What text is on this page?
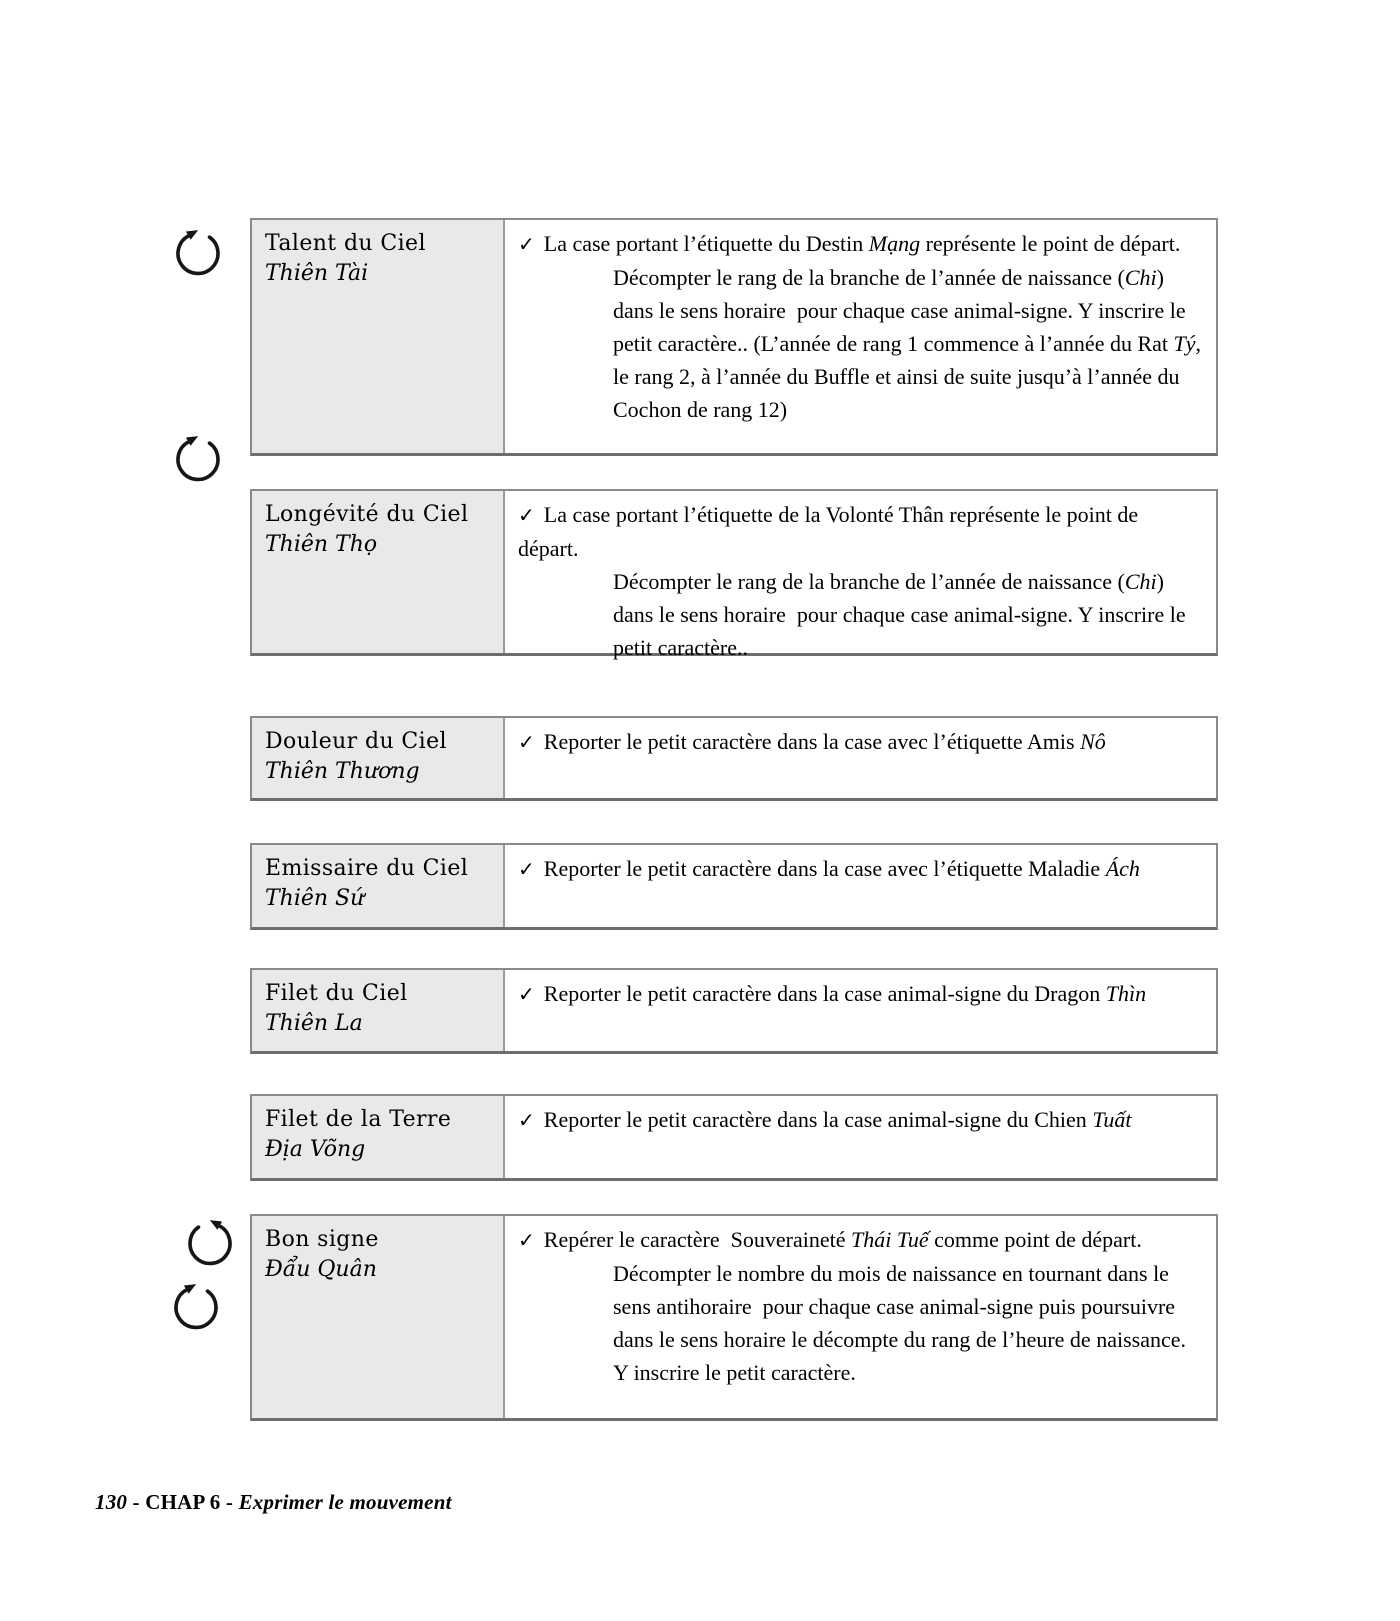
Talent du Ciel
Thiên Tài

✓ La case portant l’étiquette du Destin Mạng représente le point de départ.

Décompter le rang de la branche de l’année de naissance (Chi) dans le sens horaire  pour chaque case animal-signe. Y inscrire le petit caractère.. (L’année de rang 1 commence à l’année du Rat Tý, le rang 2, à l’année du Buffle et ainsi de suite jusqu’à l’année du Cochon de rang 12)

Longévité du Ciel
Thiên Thọ

✓ La case portant l’étiquette de la Volonté Thân représente le point de départ.

Décompter le rang de la branche de l’année de naissance (Chi) dans le sens horaire  pour chaque case animal-signe. Y inscrire le petit caractère..

Douleur du Ciel
Thiên Thương

✓ Reporter le petit caractère dans la case avec l’étiquette Amis Nô

Emissaire du Ciel
Thiên Sứ

✓ Reporter le petit caractère dans la case avec l’étiquette Maladie Ách

Filet du Ciel
Thiên La

✓ Reporter le petit caractère dans la case animal-signe du Dragon Thìn

Filet de la Terre
Địa Võng

✓ Reporter le petit caractère dans la case animal-signe du Chien Tuất

Bon signe
Đẩu Quân

✓ Repérer le caractère  Souveraineté Thái Tuế comme point de départ.

Décompter le nombre du mois de naissance en tournant dans le sens antihoraire  pour chaque case animal-signe puis poursuivre dans le sens horaire le décompte du rang de l’heure de naissance. Y inscrire le petit caractère.

130 - CHAP 6 - Exprimer le mouvement
